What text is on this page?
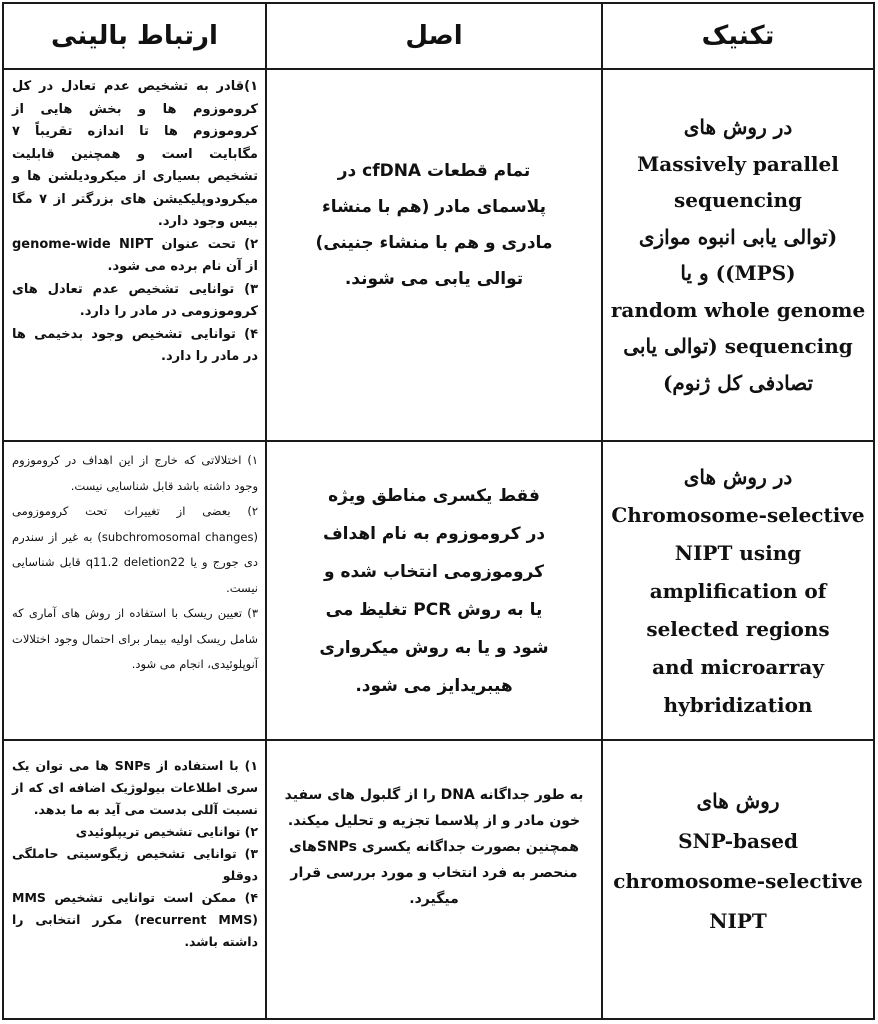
ارتباط بالینی	اصل	تکنیک
در روش های
Massively parallel
sequencing
(توالی یابی انبوه موازی
(MPS)) و یا
random whole genome
sequencing (توالی یابی
تصادفی کل ژنوم)
تمام قطعات cfDNA در
پلاسمای مادر (هم با منشاء
مادری و هم با منشاء جنینی)
توالی یابی می شوند.

۱)قادر به تشخیص عدم تعادل در کل کروموزوم ها و بخش هایی از کروموزوم ها تا اندازه تقریباً ۷ مگابایت است و همچنین قابلیت تشخیص بسیاری از میکرودیلشن ها و میکرودوپلیکیشن های بزرگتر از ۷ مگا بیس وجود دارد.

۲) تحت عنوان genome-wide NIPT از آن نام برده می شود.

۳) توانایی تشخیص عدم تعادل های کروموزومی در مادر را دارد.

۴) توانایی تشخیص وجود بدخیمی ها در مادر را دارد.

در روش های
Chromosome-selective
NIPT using
amplification of
selected regions
and microarray
hybridization
فقط یکسری مناطق ویژه
در کروموزوم به نام اهداف
کروموزومی انتخاب شده و
یا به روش PCR تغلیظ می
شود و یا به روش میکرواری
هیبریدایز می شود.

۱) اختلالاتی که خارج از این اهداف در کروموزوم وجود داشته باشد قابل شناسایی نیست.

۲) بعضی از تغییرات تحت کروموزومی (subchromosomal changes) به غیر از سندرم دی جورج و یا q11.2 deletion22 قابل شناسایی نیست.

۳) تعیین ریسک با استفاده از روش های آماری که شامل ریسک اولیه بیمار برای احتمال وجود اختلالات آنوپلوئیدی، انجام می شود.

روش های
SNP-based
chromosome-selective
NIPT
به طور جداگانه DNA را از گلبول های سفید
خون مادر و از پلاسما تجزیه و تحلیل میکند.
همچنین بصورت جداگانه یکسری SNPsهای
منحصر به فرد انتخاب و مورد بررسی قرار
میگیرد.

۱) با استفاده از SNPs ها می توان یک سری اطلاعات بیولوژیک اضافه ای که از نسبت آللی بدست می آید به ما بدهد.

۲) توانایی تشخیص تریپلوئیدی

۳) توانایی تشخیص زیگوسیتی حاملگی دوقلو

۴) ممکن است توانایی تشخیص MMS (recurrent MMS) مکرر انتخابی را داشته باشد.
